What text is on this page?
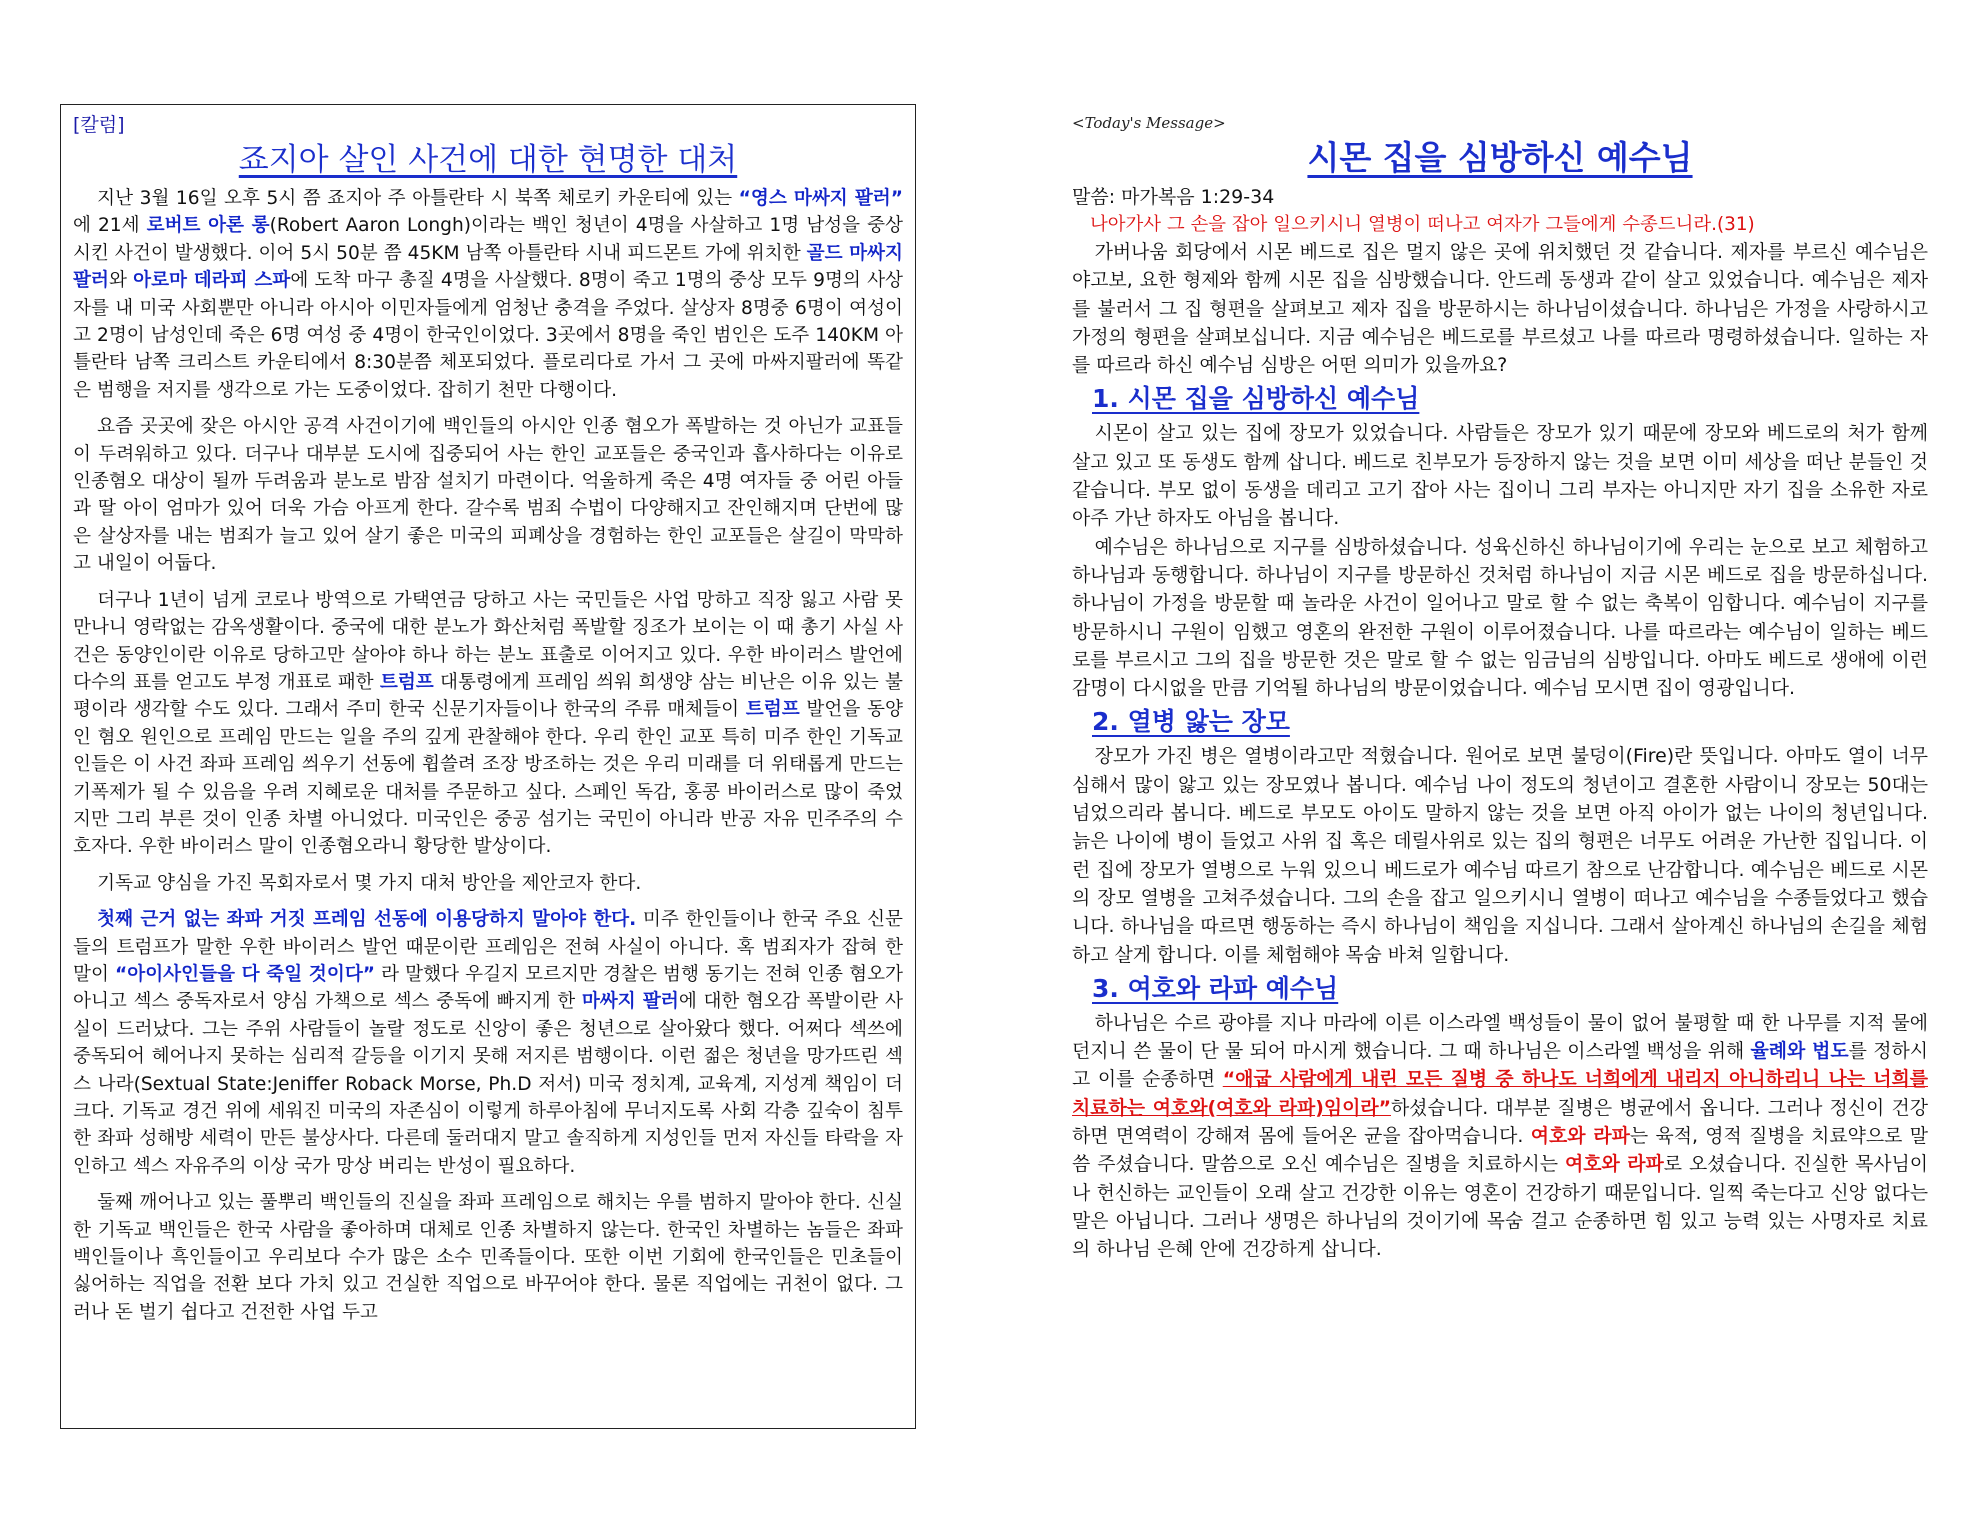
[칼럼]
죠지아 살인 사건에 대한 현명한 대처

지난 3월 16일 오후 5시 쯤 죠지아 주 아틀란타 시 북쪽 체로키 카운티에 있는 “영스 마싸지 팔러” 에 21세 로버트 아론 롱(Robert Aaron Longh)이라는 백인 청년이 4명을 사살하고 1명 남성을 중상시킨 사건이 발생했다. 이어 5시 50분 쯤 45KM 남쪽 아틀란타 시내 피드몬트 가에 위치한 골드 마싸지 팔러와 아로마 데라피 스파에 도착 마구 총질 4명을 사살했다. 8명이 죽고 1명의 중상 모두 9명의 사상자를 내 미국 사회뿐만 아니라 아시아 이민자들에게 엄청난 충격을 주었다. 살상자 8명중 6명이 여성이고 2명이 남성인데 죽은 6명 여성 중 4명이 한국인이었다. 3곳에서 8명을 죽인 범인은 도주 140KM 아틀란타 남쪽 크리스트 카운티에서 8:30분쯤 체포되었다. 플로리다로 가서 그 곳에 마싸지팔러에 똑같은 범행을 저지를 생각으로 가는 도중이었다. 잡히기 천만 다행이다.

요즘 곳곳에 잦은 아시안 공격 사건이기에 백인들의 아시안 인종 혐오가 폭발하는 것 아닌가 교표들이 두려워하고 있다. 더구나 대부분 도시에 집중되어 사는 한인 교포들은 중국인과 흡사하다는 이유로 인종혐오 대상이 될까 두려움과 분노로 밤잠 설치기 마련이다. 억울하게 죽은 4명 여자들 중 어린 아들과 딸 아이 엄마가 있어 더욱 가슴 아프게 한다. 갈수록 범죄 수법이 다양해지고 잔인해지며 단번에 많은 살상자를 내는 범죄가 늘고 있어 살기 좋은 미국의 피폐상을 경험하는 한인 교포들은 살길이 막막하고 내일이 어둡다.

더구나 1년이 넘게 코로나 방역으로 가택연금 당하고 사는 국민들은 사업 망하고 직장 잃고 사람 못 만나니 영락없는 감옥생활이다. 중국에 대한 분노가 화산처럼 폭발할 징조가 보이는 이 때 총기 사실 사건은 동양인이란 이유로 당하고만 살아야 하나 하는 분노 표출로 이어지고 있다. 우한 바이러스 발언에 다수의 표를 얻고도 부정 개표로 패한 트럼프 대통령에게 프레임 씌워 희생양 삼는 비난은 이유 있는 불평이라 생각할 수도 있다. 그래서 주미 한국 신문기자들이나 한국의 주류 매체들이 트럼프 발언을 동양인 혐오 원인으로 프레임 만드는 일을 주의 깊게 관찰해야 한다. 우리 한인 교포 특히 미주 한인 기독교인들은 이 사건 좌파 프레임 씌우기 선동에 휩쓸려 조장 방조하는 것은 우리 미래를 더 위태롭게 만드는 기폭제가 될 수 있음을 우려 지혜로운 대처를 주문하고 싶다. 스페인 독감, 홍콩 바이러스로 많이 죽었지만 그리 부른 것이 인종 차별 아니었다. 미국인은 중공 섬기는 국민이 아니라 반공 자유 민주주의 수호자다. 우한 바이러스 말이 인종혐오라니 황당한 발상이다.

기독교 양심을 가진 목회자로서 몇 가지 대처 방안을 제안코자 한다.

첫째 근거 없는 좌파 거짓 프레임 선동에 이용당하지 말아야 한다. 미주 한인들이나 한국 주요 신문들의 트럼프가 말한 우한 바이러스 발언 때문이란 프레임은 전혀 사실이 아니다. 혹 범죄자가 잡혀 한 말이 “아이사인들을 다 죽일 것이다” 라 말했다 우길지 모르지만 경찰은 범행 동기는 전혀 인종 혐오가 아니고 섹스 중독자로서 양심 가책으로 섹스 중독에 빠지게 한 마싸지 팔러에 대한 혐오감 폭발이란 사실이 드러났다. 그는 주위 사람들이 놀랄 정도로 신앙이 좋은 청년으로 살아왔다 했다. 어쩌다 섹쓰에 중독되어 헤어나지 못하는 심리적 갈등을 이기지 못해 저지른 범행이다. 이런 젊은 청년을 망가뜨린 섹스 나라(Sextual State:Jeniffer Roback Morse, Ph.D 저서) 미국 정치계, 교육계, 지성계 책임이 더 크다. 기독교 경건 위에 세워진 미국의 자존심이 이렇게 하루아침에 무너지도록 사회 각층 깊숙이 침투한 좌파 성해방 세력이 만든 불상사다. 다른데 둘러대지 말고 솔직하게 지성인들 먼저 자신들 타락을 자인하고 섹스 자유주의 이상 국가 망상 버리는 반성이 필요하다.

둘째 깨어나고 있는 풀뿌리 백인들의 진실을 좌파 프레임으로 해치는 우를 범하지 말아야 한다. 신실한 기독교 백인들은 한국 사람을 좋아하며 대체로 인종 차별하지 않는다. 한국인 차별하는 놈들은 좌파 백인들이나 흑인들이고 우리보다 수가 많은 소수 민족들이다. 또한 이번 기회에 한국인들은 민초들이 싫어하는 직업을 전환 보다 가치 있고 건실한 직업으로 바꾸어야 한다. 물론 직업에는 귀천이 없다. 그러나 돈 벌기 쉽다고 건전한 사업 두고

<Today's Message>
시몬 집을 심방하신 예수님

말씀: 마가복음 1:29-34

나아가사 그 손을 잡아 일으키시니 열병이 떠나고 여자가 그들에게 수종드니라.(31)

가버나움 회당에서 시몬 베드로 집은 멀지 않은 곳에 위치했던 것 같습니다. 제자를 부르신 예수님은 야고보, 요한 형제와 함께 시몬 집을 심방했습니다. 안드레 동생과 같이 살고 있었습니다. 예수님은 제자를 불러서 그 집 형편을 살펴보고 제자 집을 방문하시는 하나님이셨습니다. 하나님은 가정을 사랑하시고 가정의 형편을 살펴보십니다. 지금 예수님은 베드로를 부르셨고 나를 따르라 명령하셨습니다. 일하는 자를 따르라 하신 예수님 심방은 어떤 의미가 있을까요?

1. 시몬 집을 심방하신 예수님

시몬이 살고 있는 집에 장모가 있었습니다. 사람들은 장모가 있기 때문에 장모와 베드로의 처가 함께 살고 있고 또 동생도 함께 삽니다. 베드로 친부모가 등장하지 않는 것을 보면 이미 세상을 떠난 분들인 것 같습니다. 부모 없이 동생을 데리고 고기 잡아 사는 집이니 그리 부자는 아니지만 자기 집을 소유한 자로 아주 가난 하자도 아님을 봅니다.

예수님은 하나님으로 지구를 심방하셨습니다. 성육신하신 하나님이기에 우리는 눈으로 보고 체험하고 하나님과 동행합니다. 하나님이 지구를 방문하신 것처럼 하나님이 지금 시몬 베드로 집을 방문하십니다. 하나님이 가정을 방문할 때 놀라운 사건이 일어나고 말로 할 수 없는 축복이 임합니다. 예수님이 지구를 방문하시니 구원이 임했고 영혼의 완전한 구원이 이루어졌습니다. 나를 따르라는 예수님이 일하는 베드로를 부르시고 그의 집을 방문한 것은 말로 할 수 없는 임금님의 심방입니다. 아마도 베드로 생애에 이런 감명이 다시없을 만큼 기억될 하나님의 방문이었습니다. 예수님 모시면 집이 영광입니다.

2. 열병 앓는 장모

장모가 가진 병은 열병이라고만 적혔습니다. 원어로 보면 불덩이(Fire)란 뜻입니다. 아마도 열이 너무 심해서 많이 앓고 있는 장모였나 봅니다. 예수님 나이 정도의 청년이고 결혼한 사람이니 장모는 50대는 넘었으리라 봅니다. 베드로 부모도 아이도 말하지 않는 것을 보면 아직 아이가 없는 나이의 청년입니다. 늙은 나이에 병이 들었고 사위 집 혹은 데릴사위로 있는 집의 형편은 너무도 어려운 가난한 집입니다. 이런 집에 장모가 열병으로 누워 있으니 베드로가 예수님 따르기 참으로 난감합니다. 예수님은 베드로 시몬의 장모 열병을 고쳐주셨습니다. 그의 손을 잡고 일으키시니 열병이 떠나고 예수님을 수종들었다고 했습니다. 하나님을 따르면 행동하는 즉시 하나님이 책임을 지십니다. 그래서 살아계신 하나님의 손길을 체험하고 살게 합니다. 이를 체험해야 목숨 바쳐 일합니다.

3. 여호와 라파 예수님

하나님은 수르 광야를 지나 마라에 이른 이스라엘 백성들이 물이 없어 불평할 때 한 나무를 지적 물에 던지니 쓴 물이 단 물 되어 마시게 했습니다. 그 때 하나님은 이스라엘 백성을 위해 율례와 법도를 정하시고 이를 순종하면 “애굽 사람에게 내린 모든 질병 중 하나도 너희에게 내리지 아니하리니 나는 너희를 치료하는 여호와(여호와 라파)임이라”하셨습니다. 대부분 질병은 병균에서 옵니다. 그러나 정신이 건강하면 면역력이 강해져 몸에 들어온 균을 잡아먹습니다. 여호와 라파는 육적, 영적 질병을 치료약으로 말씀 주셨습니다. 말씀으로 오신 예수님은 질병을 치료하시는 여호와 라파로 오셨습니다. 진실한 목사님이나 헌신하는 교인들이 오래 살고 건강한 이유는 영혼이 건강하기 때문입니다. 일찍 죽는다고 신앙 없다는 말은 아닙니다. 그러나 생명은 하나님의 것이기에 목숨 걸고 순종하면 힘 있고 능력 있는 사명자로 치료의 하나님 은혜 안에 건강하게 삽니다.
